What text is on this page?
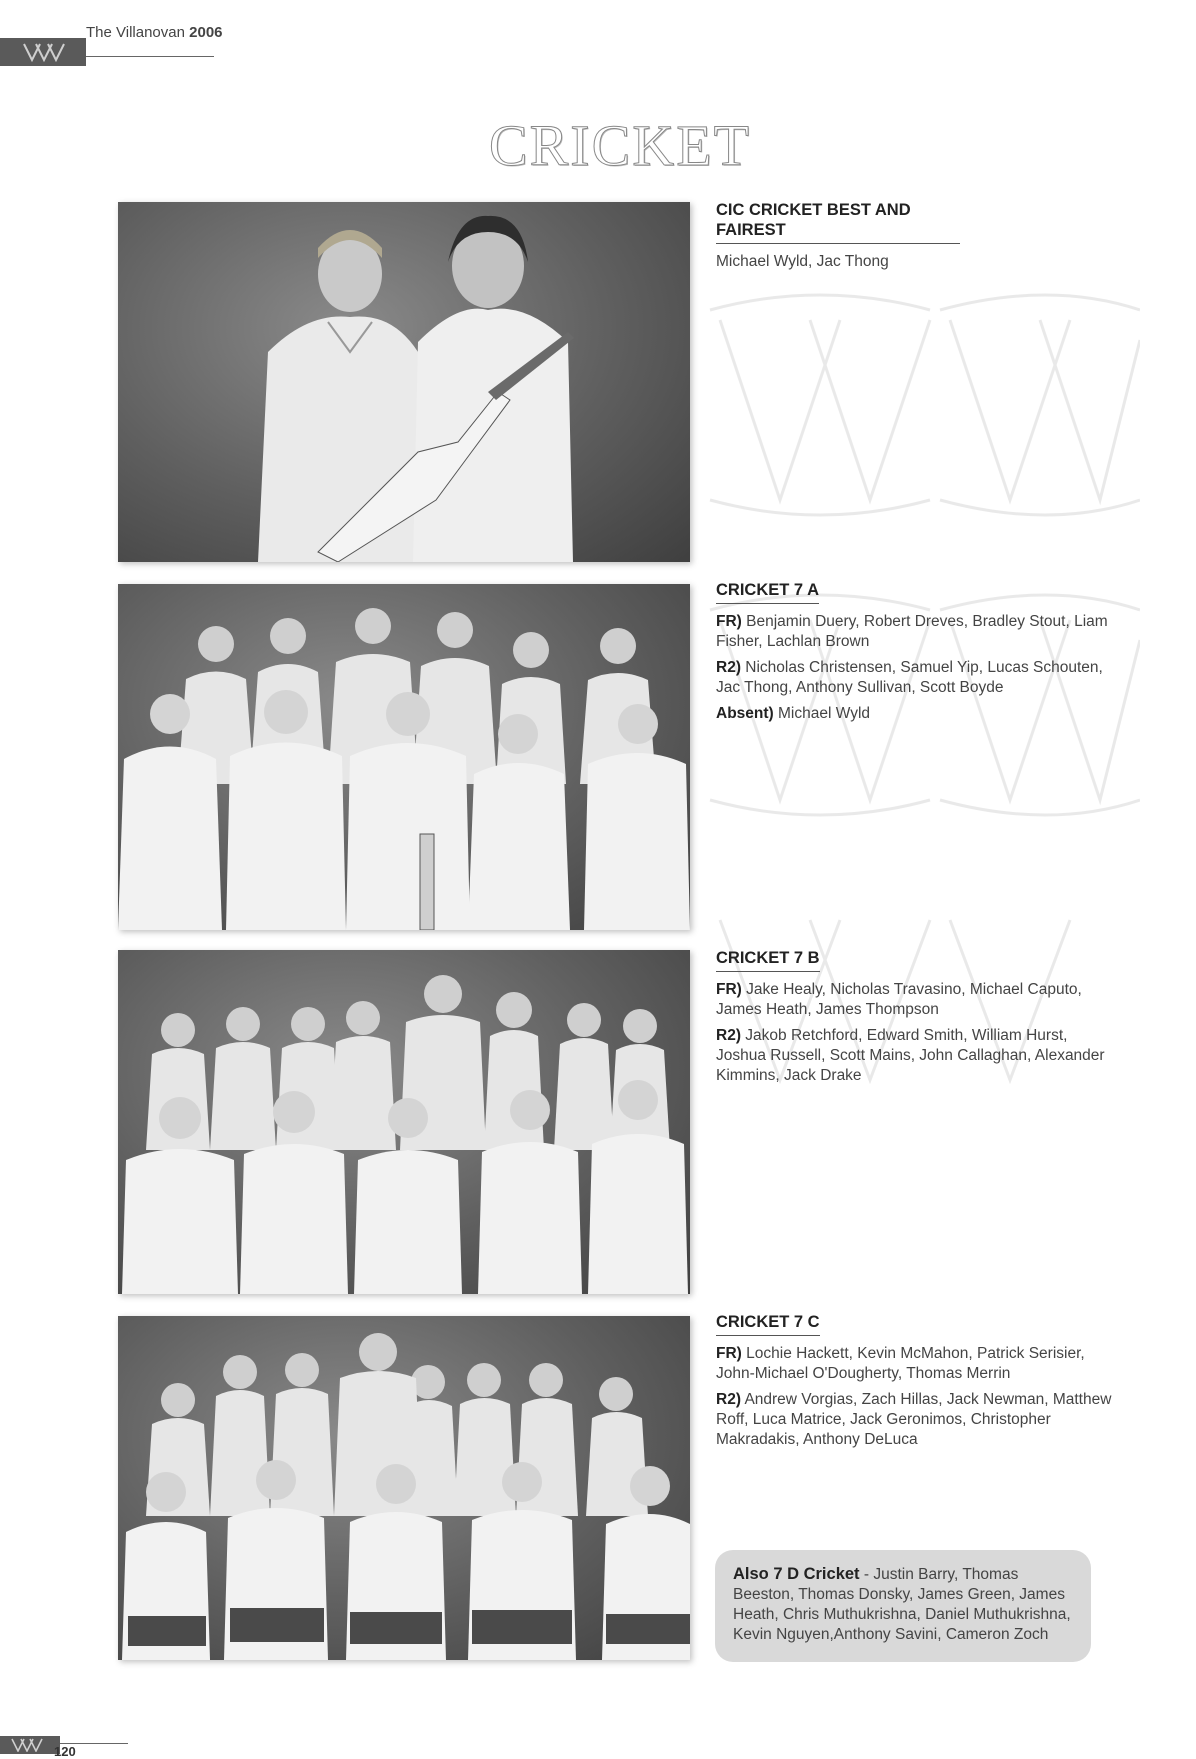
The Villanovan 2006
CRICKET
CIC CRICKET BEST AND FAIREST
Michael Wyld, Jac Thong
CRICKET 7 A
FR) Benjamin Duery, Robert Dreves, Bradley Stout, Liam Fisher, Lachlan Brown
R2) Nicholas Christensen, Samuel Yip, Lucas Schouten, Jac Thong, Anthony Sullivan, Scott Boyde
Absent) Michael Wyld
CRICKET 7 B
FR) Jake Healy, Nicholas Travasino, Michael Caputo, James Heath, James Thompson
R2) Jakob Retchford, Edward Smith, William Hurst, Joshua Russell, Scott Mains, John Callaghan, Alexander Kimmins, Jack Drake
CRICKET 7 C
FR) Lochie Hackett, Kevin McMahon, Patrick Serisier, John-Michael O'Dougherty, Thomas Merrin
R2) Andrew Vorgias, Zach Hillas, Jack Newman, Matthew Roff, Luca Matrice, Jack Geronimos, Christopher Makradakis, Anthony DeLuca
Also 7 D Cricket - Justin Barry, Thomas Beeston, Thomas Donsky, James Green, James Heath, Chris Muthukrishna, Daniel Muthukrishna, Kevin Nguyen,Anthony Savini, Cameron Zoch
120
